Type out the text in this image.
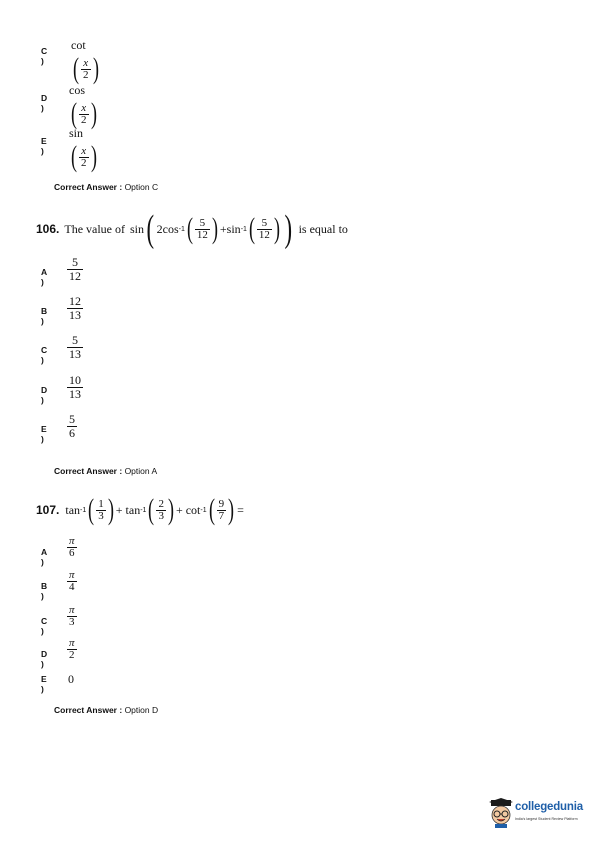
C )
cot
( $\frac{x}{2}$ )
D )
cos
( $\frac{x}{2}$ )
E )
sin
( $\frac{x}{2}$ )
Correct Answer : Option C
106. The value of sin ( 2cos -1 ( $\frac{5}{12}$ ) +sin -1 ( $\frac{5}{12}$ ) ) is equal to
A ) $\frac{5}{12}$
B ) $\frac{12}{13}$
C ) $\frac{5}{13}$
D ) $\frac{10}{13}$
E ) $\frac{5}{6}$
Correct Answer : Option A
107. tan -1 ( $\frac{1}{3}$ ) + tan -1 ( $\frac{2}{3}$ ) + cot -1 ( $\frac{9}{7}$ ) =
A )
$\frac{\pi}{6}$
B )
$\frac{\pi}{4}$
C )
$\frac{\pi}{3}$
D )
$\frac{\pi}{2}$
E )
0
Correct Answer : Option D
collegedunia
India's largest Student Review Platform
